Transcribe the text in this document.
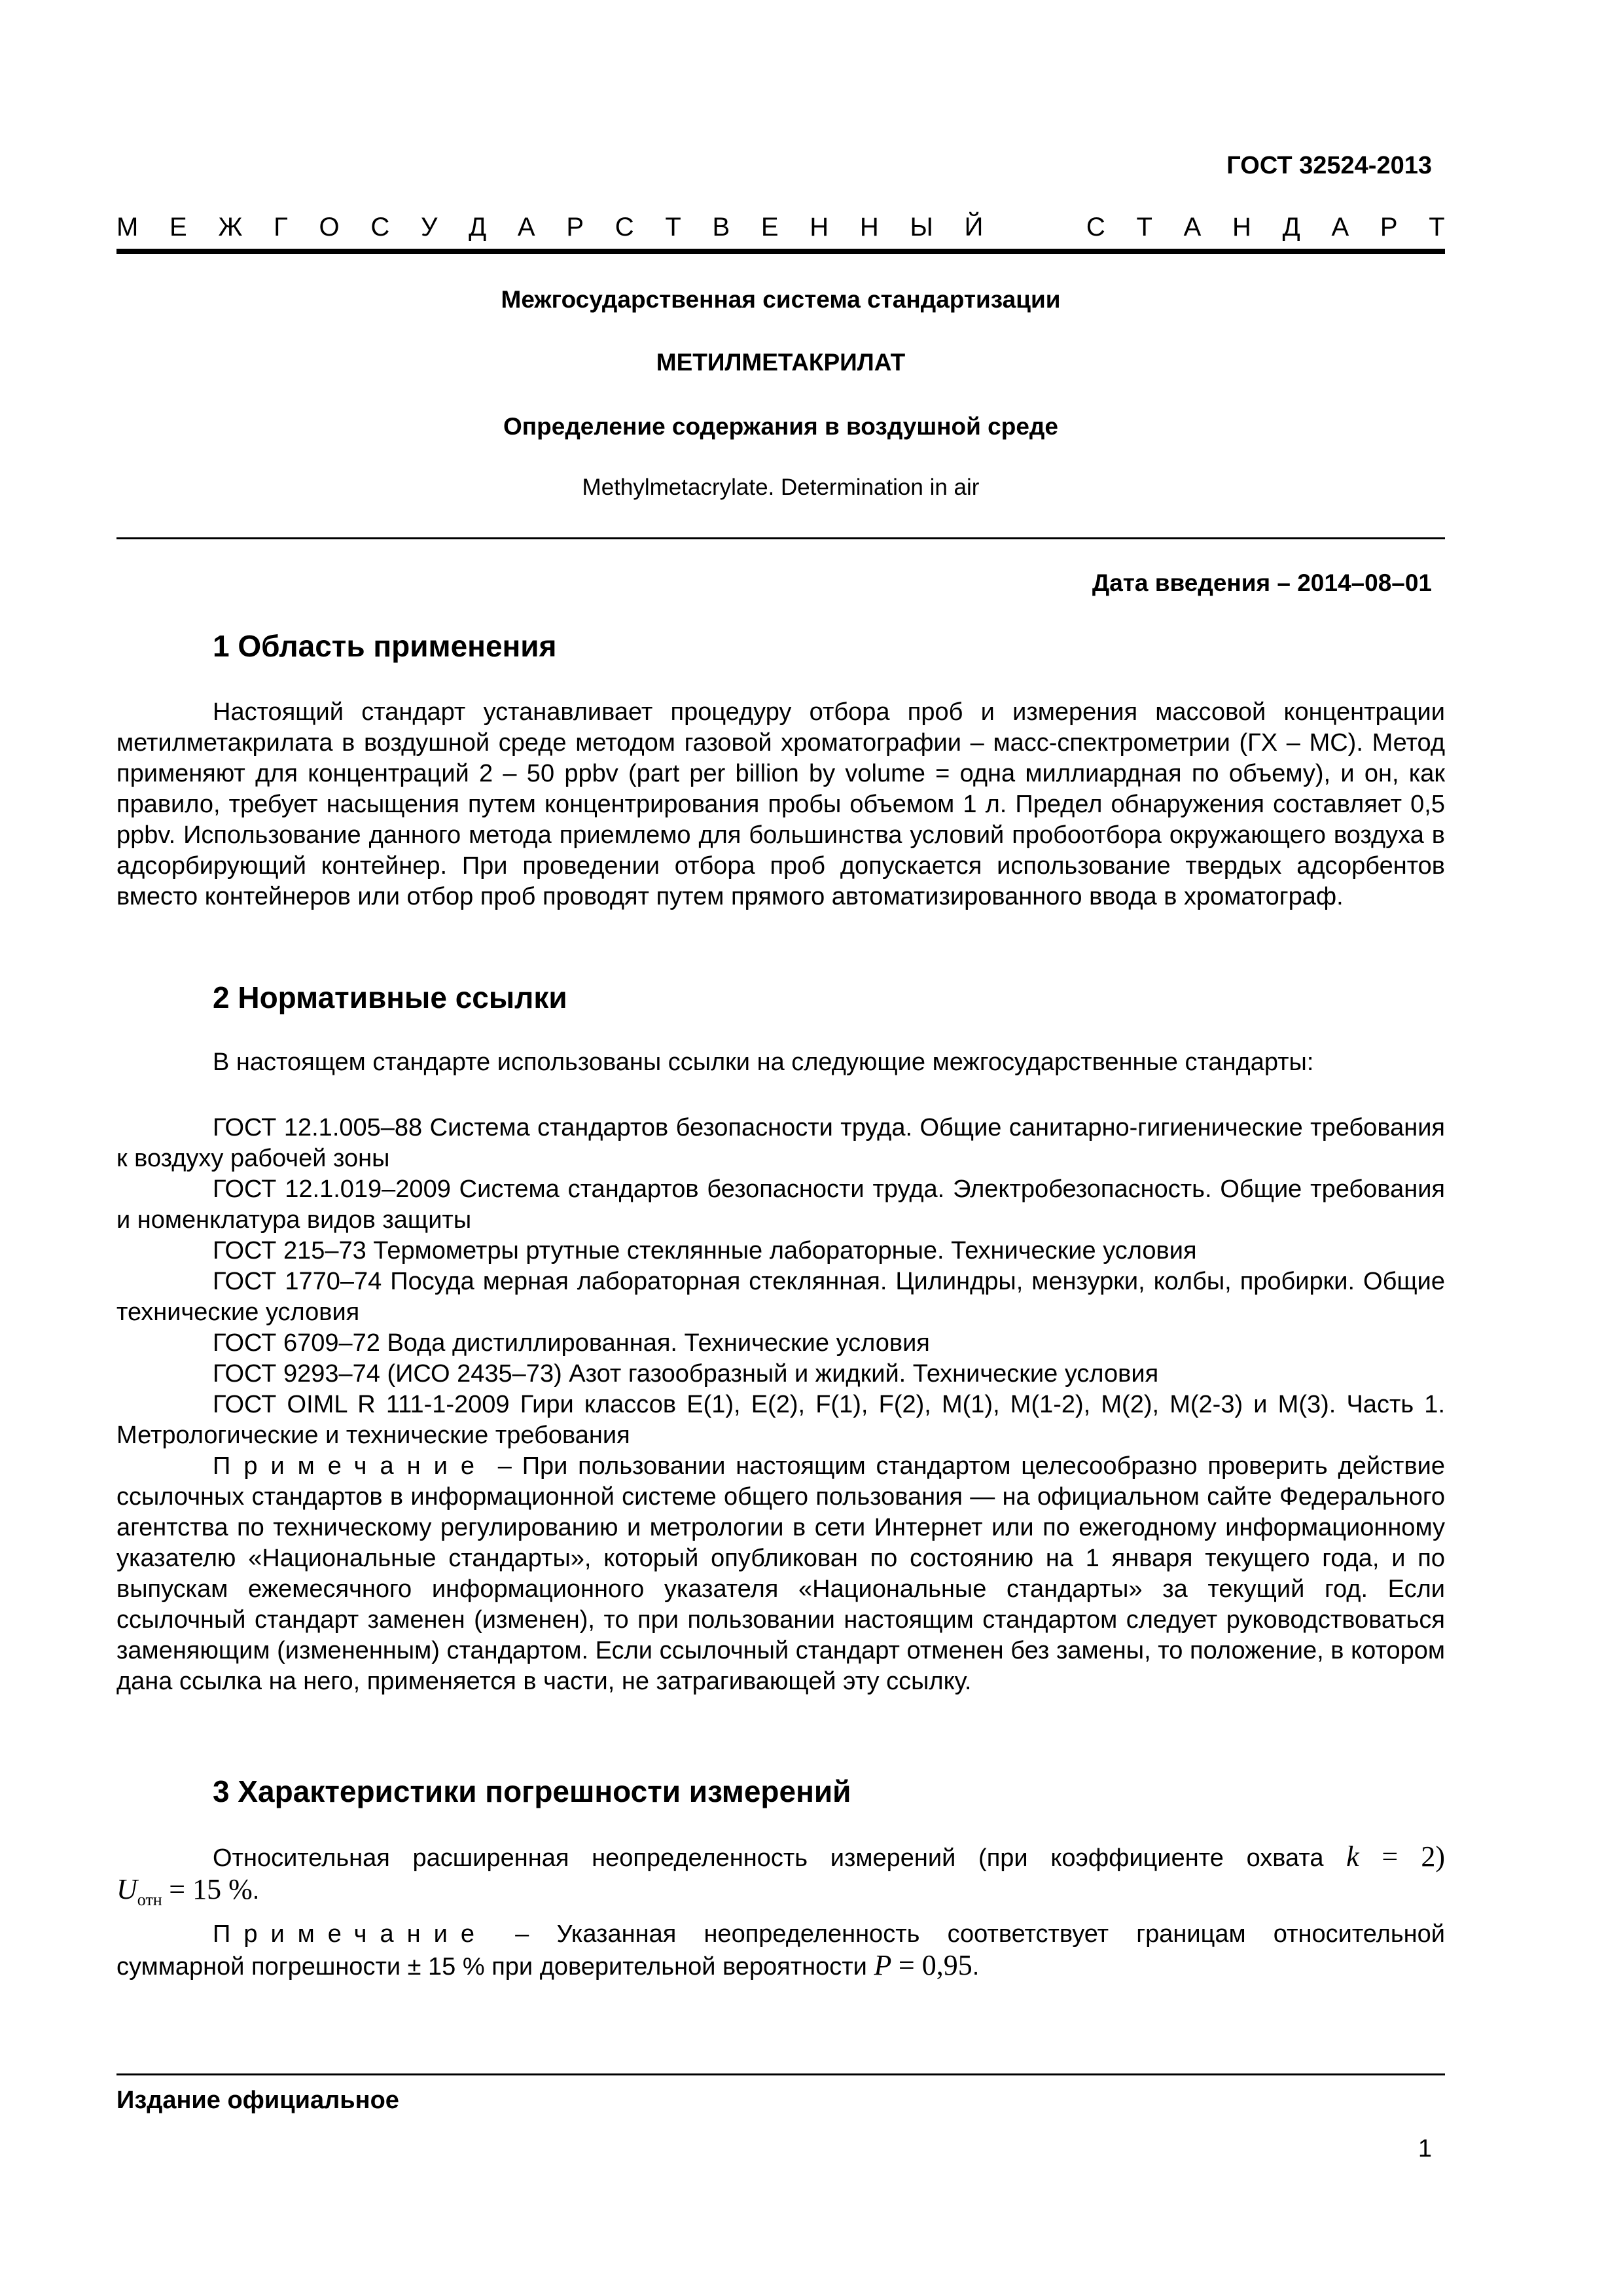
ГОСТ 32524-2013
М Е Ж Г О С У Д А Р С Т В Е Н Н Ы Й	С Т А Н Д А Р Т
Межгосударственная система стандартизации
МЕТИЛМЕТАКРИЛАТ
Определение содержания в воздушной среде
Methylmetacrylate. Determination in air
Дата введения – 2014–08–01
1 Область применения

Настоящий стандарт устанавливает процедуру отбора проб и измерения массовой концентрации метилметакрилата в воздушной среде методом газовой хроматографии – масс-спектрометрии (ГХ – МС). Метод применяют для концентраций 2 – 50 ppbv (part per billion by volume = одна миллиардная по объему), и он, как правило, требует насыщения путем концентрирования пробы объемом 1 л. Предел обнаружения составляет 0,5 ppbv. Использование данного метода приемлемо для большинства условий пробоотбора окружающего воздуха в адсорбирующий контейнер. При проведении отбора проб допускается использование твердых адсорбентов вместо контейнеров или отбор проб проводят путем прямого автоматизированного ввода в хроматограф.

2 Нормативные ссылки

В настоящем стандарте использованы ссылки на следующие межгосударственные стандарты:

ГОСТ 12.1.005–88 Система стандартов безопасности труда. Общие санитарно-гигиенические требования к воздуху рабочей зоны

ГОСТ 12.1.019–2009 Система стандартов безопасности труда. Электробезопасность. Общие требования и номенклатура видов защиты

ГОСТ 215–73 Термометры ртутные стеклянные лабораторные. Технические условия

ГОСТ 1770–74 Посуда мерная лабораторная стеклянная. Цилиндры, мензурки, колбы, пробирки. Общие технические условия

ГОСТ 6709–72 Вода дистиллированная. Технические условия

ГОСТ 9293–74 (ИСО 2435–73) Азот газообразный и жидкий. Технические условия

ГОСТ OIML R 111-1-2009 Гири классов E(1), E(2), F(1), F(2), M(1), M(1-2), M(2), M(2-3) и M(3). Часть 1. Метрологические и технические требования

Примечание – При пользовании настоящим стандартом целесообразно проверить действие ссылочных стандартов в информационной системе общего пользования — на официальном сайте Федерального агентства по техническому регулированию и метрологии в сети Интернет или по ежегодному информационному указателю «Национальные стандарты», который опубликован по состоянию на 1 января текущего года, и по выпускам ежемесячного информационного указателя «Национальные стандарты» за текущий год. Если ссылочный стандарт заменен (изменен), то при пользовании настоящим стандартом следует руководствоваться заменяющим (измененным) стандартом. Если ссылочный стандарт отменен без замены, то положение, в котором дана ссылка на него, применяется в части, не затрагивающей эту ссылку.

3 Характеристики погрешности измерений

Относительная расширенная неопределенность измерений (при коэффициенте охвата k = 2)

$U_{отн} = 15$ %.

Примечание – Указанная неопределенность соответствует границам относительной суммарной погрешности ± 15 % при доверительной вероятности P = 0,95.

Издание официальное
1
